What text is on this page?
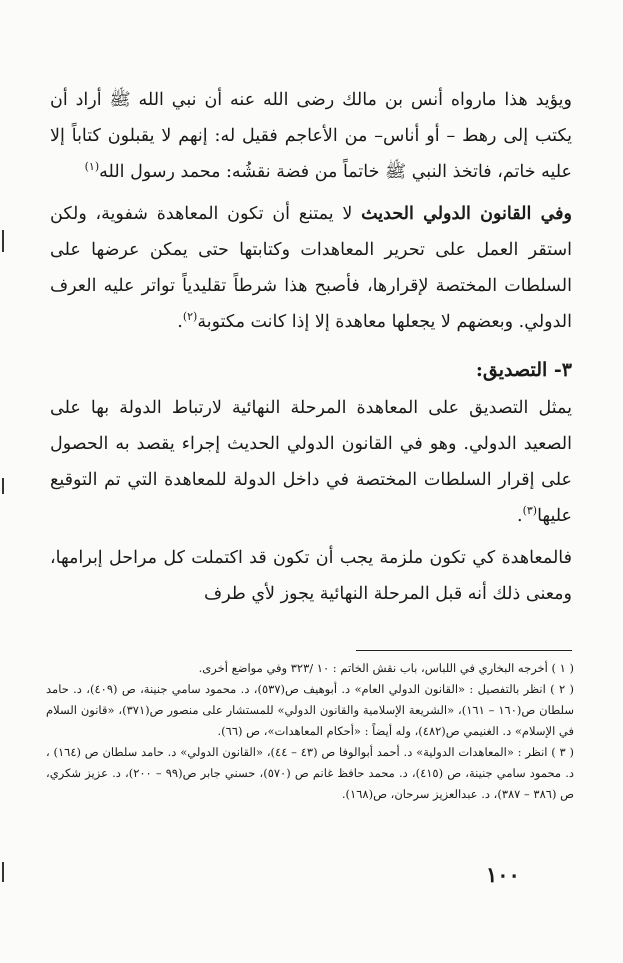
ويؤيد هذا مارواه أنس بن مالك رضى الله عنه أن نبي الله ﷺ أراد أن يكتب إلى رهط – أو أناس– من الأعاجم فقيل له: إنهم لا يقبلون كتاباً إلا عليه خاتم، فاتخذ النبي ﷺ خاتماً من فضة نقشُه: محمد رسول الله$^{(١)}$

وفي القانون الدولي الحديث لا يمتنع أن تكون المعاهدة شفوية، ولكن استقر العمل على تحرير المعاهدات وكتابتها حتى يمكن عرضها على السلطات المختصة لإقرارها، فأصبح هذا شرطاً تقليدياً تواتر عليه العرف الدولي. وبعضهم لا يجعلها معاهدة إلا إذا كانت مكتوبة$^{(٢)}$.

٣- التصديق:

يمثل التصديق على المعاهدة المرحلة النهائية لارتباط الدولة بها على الصعيد الدولي. وهو في القانون الدولي الحديث إجراء يقصد به الحصول على إقرار السلطات المختصة في داخل الدولة للمعاهدة التي تم التوقيع عليها$^{(٣)}$.

فالمعاهدة كي تكون ملزمة يجب أن تكون قد اكتملت كل مراحل إبرامها، ومعنى ذلك أنه قبل المرحلة النهائية يجوز لأي طرف

( ١ ) أخرجه البخاري في اللباس، باب نقش الخاتم : ١٠ /٣٢٣ وفي مواضع أخرى.

( ٢ ) انظر بالتفصيل : «القانون الدولي العام» د. أبوهيف ص(٥٣٧)، د. محمود سامي جنينة، ص (٤٠٩)، د. حامد سلطان ص(١٦٠ – ١٦١)، «الشريعة الإسلامية والقانون الدولي» للمستشار على منصور ص(٣٧١)، «قانون السلام في الإسلام» د. الغنيمي ص(٤٨٢)، وله أيضاً : «أحكام المعاهدات»، ص (٦٦).

( ٣ ) انظر : «المعاهدات الدولية» د. أحمد أبوالوفا ص (٤٣ – ٤٤)، «القانون الدولي» د. حامد سلطان ص (١٦٤) ، د. محمود سامي جنينة، ص (٤١٥)، د. محمد حافظ غانم ص (٥٧٠)، حسني جابر ص(٩٩ – ٢٠٠)، د. عزيز شكري، ص (٣٨٦ – ٣٨٧)، د. عبدالعزيز سرحان، ص(١٦٨).

١٠٠
